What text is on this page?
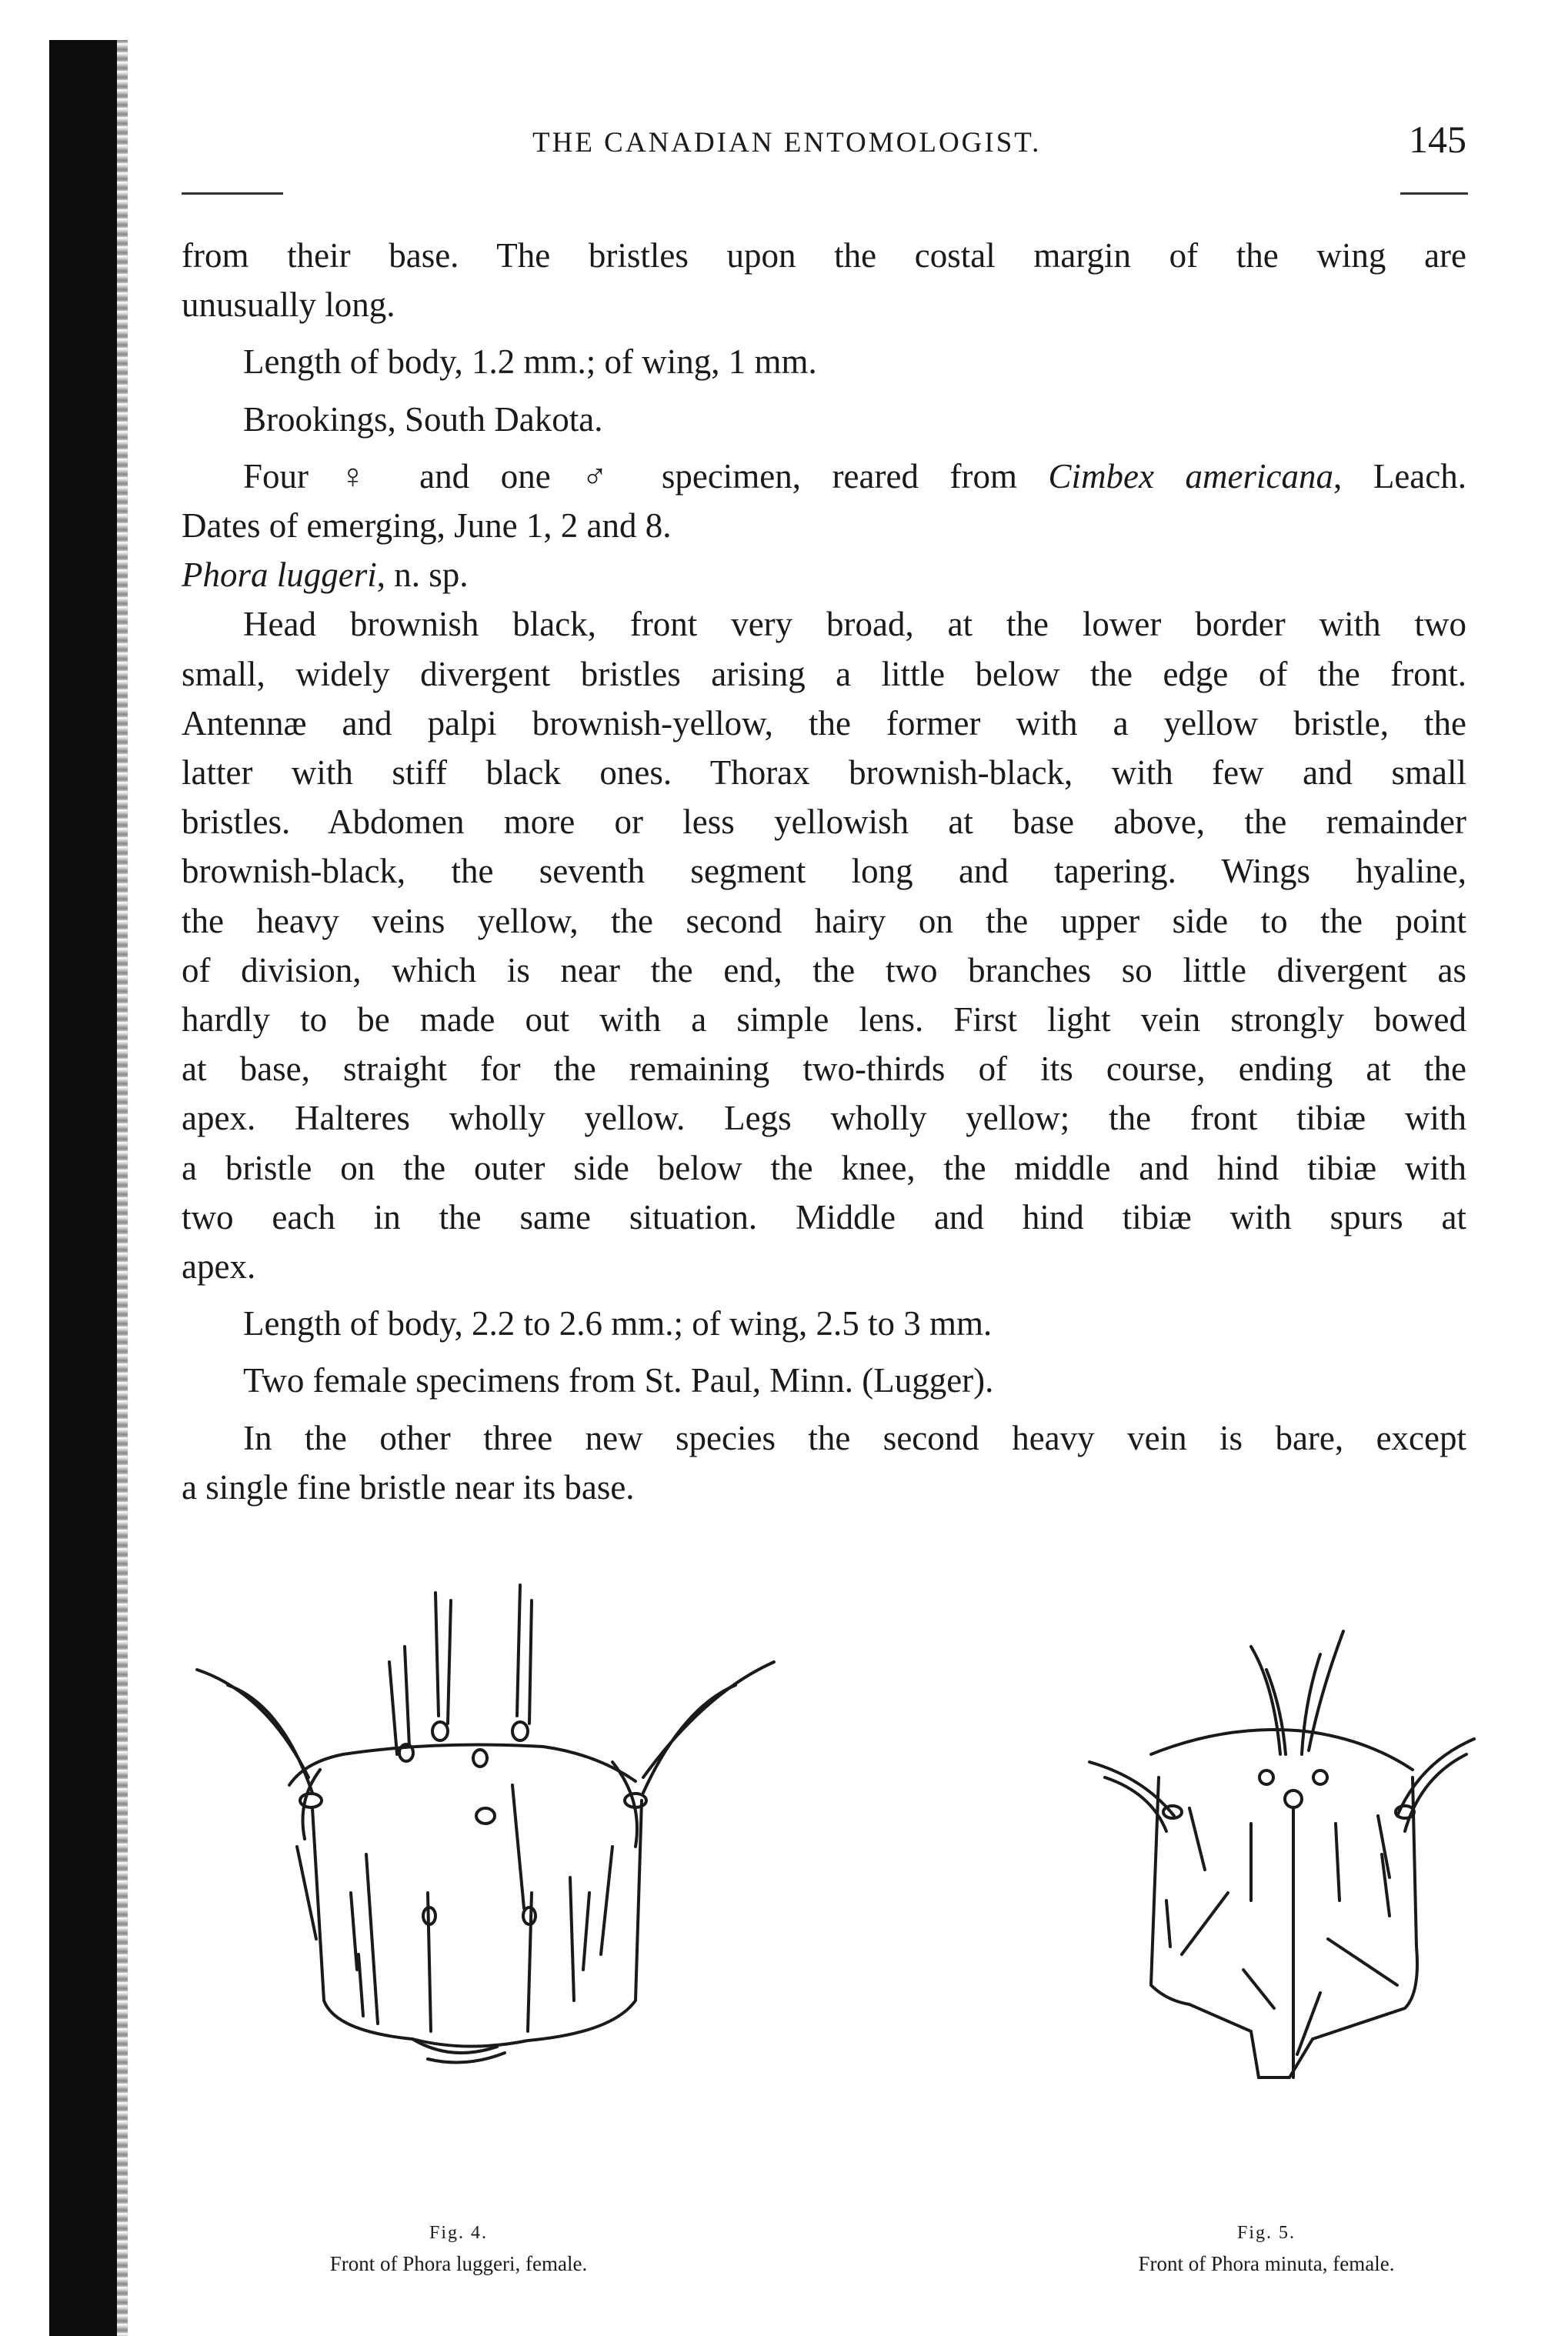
THE CANADIAN ENTOMOLOGIST.	145

from their base. The bristles upon the costal margin of the wing are

unusually long.

Length of body, 1.2 mm.; of wing, 1 mm.

Brookings, South Dakota.

Four ♀ and one ♂ specimen, reared from Cimbex americana, Leach.

Dates of emerging, June 1, 2 and 8.

Phora luggeri, n. sp.

Head brownish black, front very broad, at the lower border with two

small, widely divergent bristles arising a little below the edge of the front.

Antennæ and palpi brownish-yellow, the former with a yellow bristle, the

latter with stiff black ones. Thorax brownish-black, with few and small

bristles. Abdomen more or less yellowish at base above, the remainder

brownish-black, the seventh segment long and tapering. Wings hyaline,

the heavy veins yellow, the second hairy on the upper side to the point

of division, which is near the end, the two branches so little divergent as

hardly to be made out with a simple lens. First light vein strongly bowed

at base, straight for the remaining two-thirds of its course, ending at the

apex. Halteres wholly yellow. Legs wholly yellow; the front tibiæ with

a bristle on the outer side below the knee, the middle and hind tibiæ with

two each in the same situation. Middle and hind tibiæ with spurs at

apex.

Length of body, 2.2 to 2.6 mm.; of wing, 2.5 to 3 mm.

Two female specimens from St. Paul, Minn. (Lugger).

In the other three new species the second heavy vein is bare, except

a single fine bristle near its base.

Fig. 4.
Front of Phora luggeri, female.
Fig. 5.
Front of Phora minuta, female.
